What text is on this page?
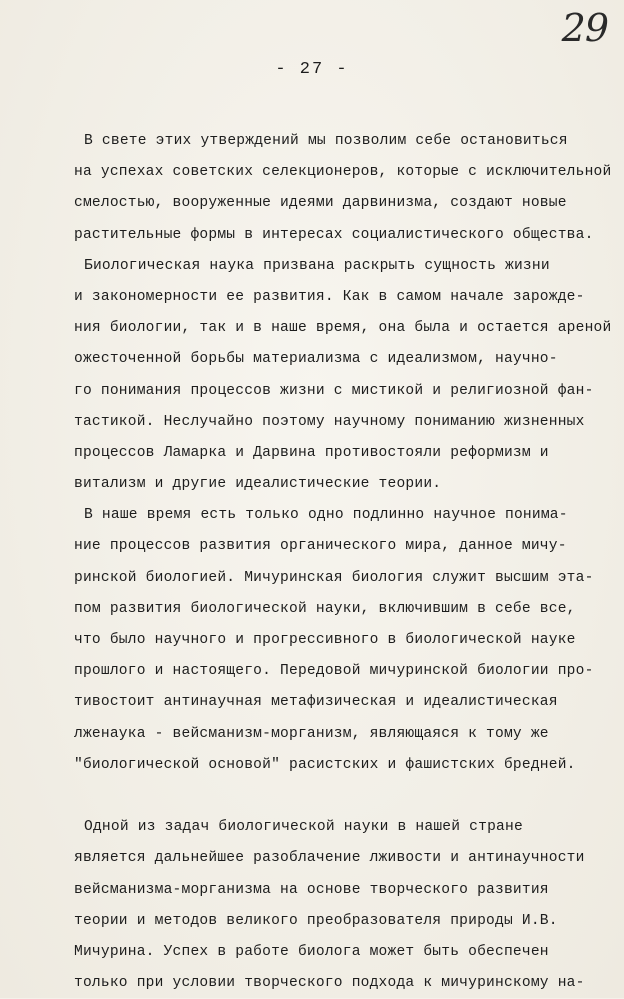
29
- 27 -
В свете этих утверждений мы позволим себе остановиться
на успехах советских селекционеров, которые с исключительной
смелостью, вооруженные идеями дарвинизма, создают новые
растительные формы в интересах социалистического общества.
Биологическая наука призвана раскрыть сущность жизни
и закономерности ее развития. Как в самом начале зарожде-
ния биологии, так и в наше время, она была и остается ареной
ожесточенной борьбы материализма с идеализмом, научно-
го понимания процессов жизни с мистикой и религиозной фан-
тастикой. Неслучайно поэтому научному пониманию жизненных
процессов Ламарка и Дарвина противостояли реформизм и
витализм и другие идеалистические теории.
В наше время есть только одно подлинно научное понима-
ние процессов развития органического мира, данное мичу-
ринской биологией. Мичуринская биология служит высшим эта-
пом развития биологической науки, включившим в себе все,
что было научного и прогрессивного в биологической науке
прошлого и настоящего. Передовой мичуринской биологии про-
тивостоит антинаучная метафизическая и идеалистическая
лженаука - вейсманизм-морганизм, являющаяся к тому же
"биологической основой" расистских и фашистских бредней.
Одной из задач биологической науки в нашей стране
является дальнейшее разоблачение лживости и антинаучности
вейсманизма-морганизма на основе творческого развития
теории и методов великого преобразователя природы И.В.
Мичурина. Успех в работе биолога может быть обеспечен
только при условии творческого подхода к мичуринскому на-
